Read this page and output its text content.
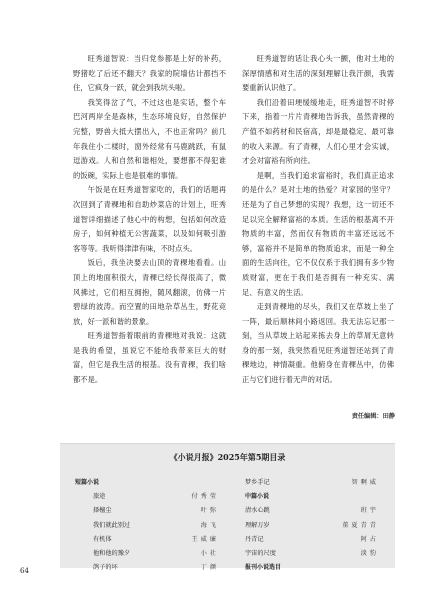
旺秀道智说：当归党参都是上好的补药，野猪吃了后还不翻天？我家的院墙估计都挡不住，它疯身一跃，就会到我坑头啦。

我笑得岔了气，不过这也是实话，整个车巴河两岸全是森林，生态环境良好，自然保护完整，野兽大抵大摆出入，不也正常吗？前几年我住小二楼时，窗外经常有马鹿跳跃，有鼠逗游戏。人和自然和谐相处，要想都不得犯谁的饭碗，实际上也是很难的事情。

午饭是在旺秀道智家吃的，我们的话题再次回到了青稞地和自助炒菜店的计划上，旺秀道智详细描述了他心中的构想，包括如何改造房子，如何种植无公害蔬菜，以及如何吸引游客等等。我听得津津有味，不时点头。

饭后，我坐决要去山顶的青稞地看看。山顶上的地面积很大，青稞已经长得很高了，微风拂过，它们相互拥抱，随风翻滚，仿佛一片碧绿的波涛。而空置的田地杂草丛生，野花竞放，好一派和谐的景象。

旺秀道智指着眼前的青稞地对我说：这就是我的希望，虽说它不能给我带来巨大的财富，但它是我生活的根基。没有青稞，我们啥都不是。

旺秀道智的话让我心头一颤，他对土地的深厚情感和对生活的深刻理解让我汗颜，我需要重新认识他了。

我们沿着田埂缓缓地走，旺秀道智不时停下来，指着一片片青稞地告诉我，虽然青稞的产值不如药材和民宿高，却是最稳定、最可靠的收入来源。有了青稞，人们心里才会实诚，才会对富裕有所向往。

是啊，当我们追求富裕时，我们真正追求的是什么？是对土地的热爱？对家园的坚守？还是为了自己梦想的实现？我想，这一切还不足以完全解释富裕的本质。生活的根基离不开物质的丰富，然而仅有物质的丰富还远远不够，富裕并不是简单的物质追求，而是一种全面的生活向往，它不仅仅系于我们拥有多少物质财富，更在于我们是否拥有一种充实、满足、有意义的生活。

走到青稞地的尽头，我们又在草坡上坐了一阵，最后顺林间小路返回。我无法忘记那一刻，当从草坡上站起来拣去身上的草屑无意转身的那一刻，我突然看见旺秀道智还站到了青稞地边，神情凝重。他俯身在青稞丛中，仿佛正与它们进行着无声的对话。

责任编辑：田静
《小说月报》2025年第5期目录
短篇小说
旅途	付秀莹
择檀尘	叶弥
我们就此别过	海飞
有机体	王威廉
他和他的豫夕	小社
鸽子的坏	丁颜
梦乡手记	智啊威
中篇小说
清水心跳	班宇
理解万岁	董夏青青
丹青记	阿占
宇宙的尺度	淡豹
报刊小说选目
64
